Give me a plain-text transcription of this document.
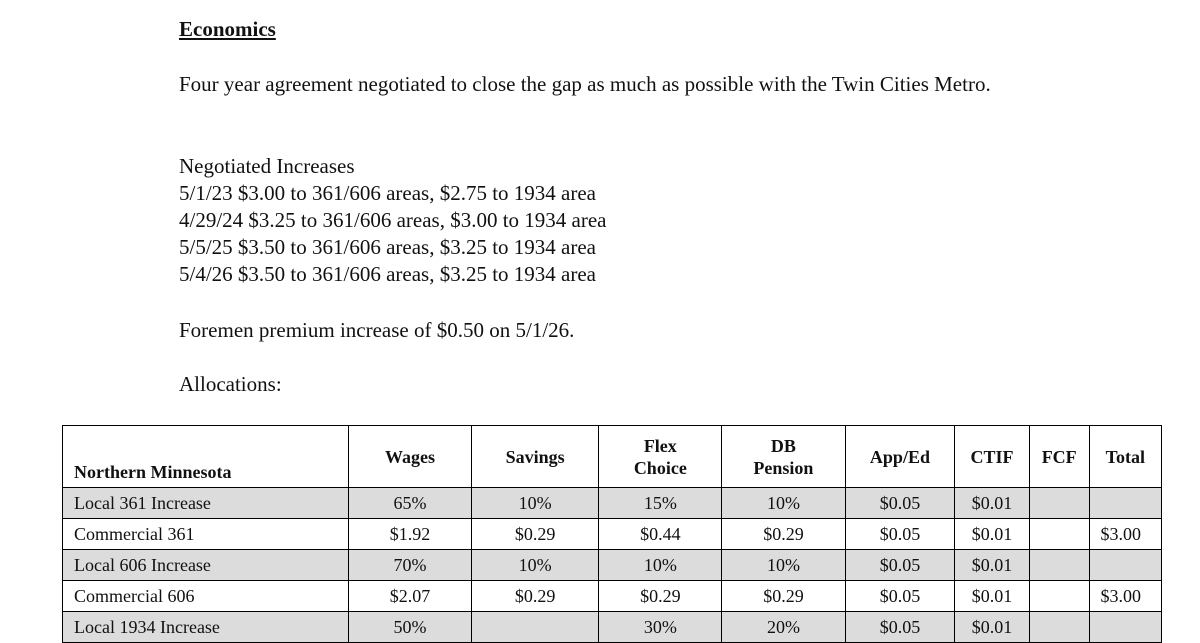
Economics

Four year agreement negotiated to close the gap as much as possible with the Twin Cities Metro.

Negotiated Increases
5/1/23 $3.00 to 361/606 areas, $2.75 to 1934 area
4/29/24 $3.25 to 361/606 areas, $3.00 to 1934 area
5/5/25 $3.50 to 361/606 areas, $3.25 to 1934 area
5/4/26 $3.50 to 361/606 areas, $3.25 to 1934 area

Foremen premium increase of $0.50 on 5/1/26.

Allocations:

Northern Minnesota	Wages	Savings	Flex Choice	DB Pension	App/Ed	CTIF	FCF	Total
Local 361 Increase	65%	10%	15%	10%	$0.05	$0.01		
Commercial 361	$1.92	$0.29	$0.44	$0.29	$0.05	$0.01		$3.00
Local 606 Increase	70%	10%	10%	10%	$0.05	$0.01		
Commercial 606	$2.07	$0.29	$0.29	$0.29	$0.05	$0.01		$3.00
Local 1934 Increase	50%		30%	20%	$0.05	$0.01		
